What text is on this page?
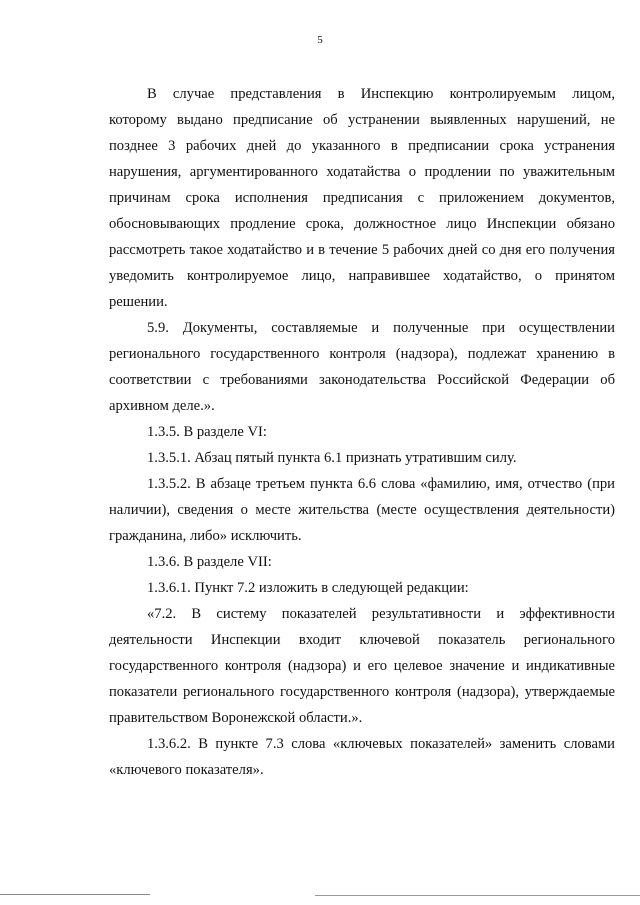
5

В случае представления в Инспекцию контролируемым лицом,

которому выдано предписание об устранении выявленных нарушений, не позднее 3 рабочих дней до указанного в предписании срока устранения нарушения, аргументированного ходатайства о продлении по уважительным причинам срока исполнения предписания с приложением документов, обосновывающих продление срока, должностное лицо Инспекции обязано рассмотреть такое ходатайство и в течение 5 рабочих дней со дня его получения уведомить контролируемое лицо, направившее ходатайство, о принятом решении.

5.9. Документы, составляемые и полученные при осуществлении регионального государственного контроля (надзора), подлежат хранению в соответствии с требованиями законодательства Российской Федерации об архивном деле.».

1.3.5. В разделе VI:

1.3.5.1. Абзац пятый пункта 6.1 признать утратившим силу.

1.3.5.2. В абзаце третьем пункта 6.6 слова «фамилию, имя, отчество (при наличии), сведения о месте жительства (месте осуществления деятельности) гражданина, либо» исключить.

1.3.6. В разделе VII:

1.3.6.1. Пункт 7.2 изложить в следующей редакции:

«7.2. В систему показателей результативности и эффективности деятельности Инспекции входит ключевой показатель регионального государственного контроля (надзора) и его целевое значение и индикативные показатели регионального государственного контроля (надзора), утверждаемые правительством Воронежской области.».

1.3.6.2. В пункте 7.3 слова «ключевых показателей» заменить словами «ключевого показателя».
